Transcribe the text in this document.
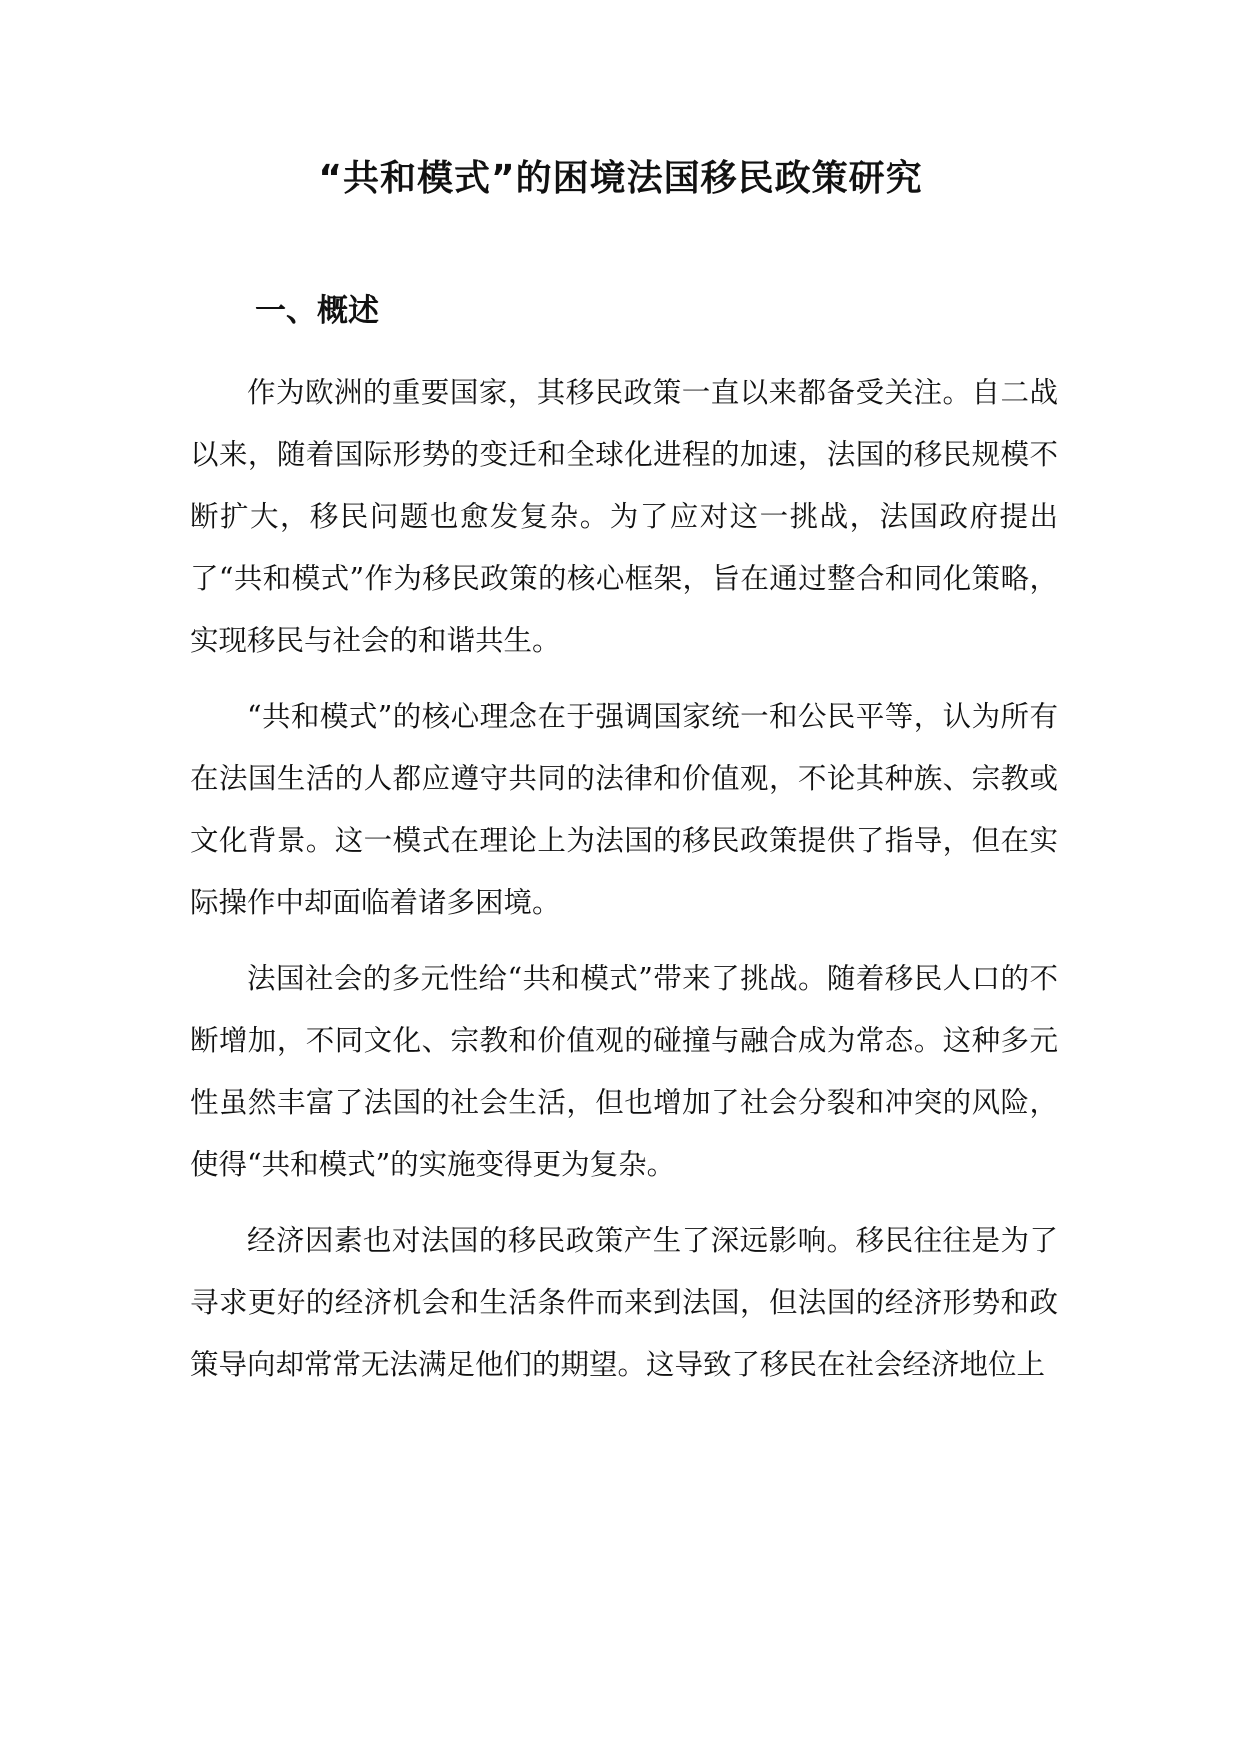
“共和模式”的困境法国移民政策研究
一、概述

作为欧洲的重要国家，其移民政策一直以来都备受关注。自二战以来，随着国际形势的变迁和全球化进程的加速，法国的移民规模不断扩大，移民问题也愈发复杂。为了应对这一挑战，法国政府提出了“共和模式”作为移民政策的核心框架，旨在通过整合和同化策略，实现移民与社会的和谐共生。

“共和模式”的核心理念在于强调国家统一和公民平等，认为所有在法国生活的人都应遵守共同的法律和价值观，不论其种族、宗教或文化背景。这一模式在理论上为法国的移民政策提供了指导，但在实际操作中却面临着诸多困境。

法国社会的多元性给“共和模式”带来了挑战。随着移民人口的不断增加，不同文化、宗教和价值观的碰撞与融合成为常态。这种多元性虽然丰富了法国的社会生活，但也增加了社会分裂和冲突的风险，使得“共和模式”的实施变得更为复杂。

经济因素也对法国的移民政策产生了深远影响。移民往往是为了寻求更好的经济机会和生活条件而来到法国，但法国的经济形势和政策导向却常常无法满足他们的期望。这导致了移民在社会经济地位上
